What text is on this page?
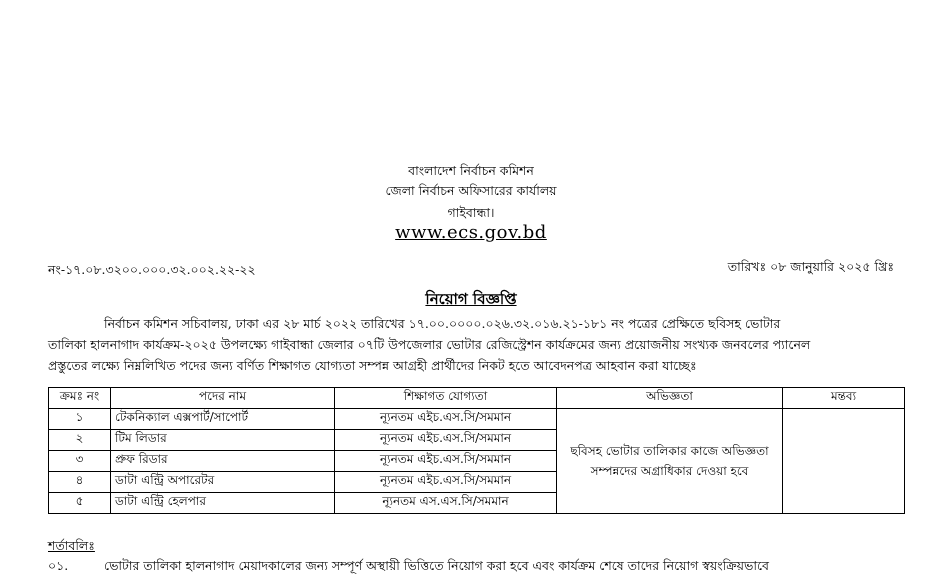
বাংলাদেশ নির্বাচন কমিশন
জেলা নির্বাচন অফিসারের কার্যালয়
গাইবান্ধা।
www.ecs.gov.bd
নং-১৭.০৮.৩২০০.০০০.৩২.০০২.২২-২২	তারিখঃ ০৮ জানুয়ারি ২০২৫ খ্রিঃ
নিয়োগ বিজ্ঞপ্তি
নির্বাচন কমিশন সচিবালয়, ঢাকা এর ২৮ মার্চ ২০২২ তারিখের ১৭.০০.০০০০.০২৬.৩২.০১৬.২১-১৮১ নং পত্রের প্রেক্ষিতে ছবিসহ ভোটার
তালিকা হালনাগাদ কার্যক্রম-২০২৫ উপলক্ষ্যে গাইবান্ধা জেলার ০৭টি উপজেলার ভোটার রেজিস্ট্রেশন কার্যক্রমের জন্য প্রয়োজনীয় সংখ্যক জনবলের প্যানেল
প্রস্তুতের লক্ষ্যে নিম্নলিখিত পদের জন্য বর্ণিত শিক্ষাগত যোগ্যতা সম্পন্ন আগ্রহী প্রার্থীদের নিকট হতে আবেদনপত্র আহবান করা যাচ্ছেঃ
ক্রমঃ নং	পদের নাম	শিক্ষাগত যোগ্যতা	অভিজ্ঞতা	মন্তব্য
১	টেকনিক্যাল এক্সপার্ট/সাপোর্ট	ন্যূনতম এইচ.এস.সি/সমমান	ছবিসহ ভোটার তালিকার কাজে অভিজ্ঞতা সম্পন্নদের অগ্রাধিকার দেওয়া হবে	
২	টিম লিডার	ন্যূনতম এইচ.এস.সি/সমমান		
৩	প্রুফ রিডার	ন্যূনতম এইচ.এস.সি/সমমান		
৪	ডাটা এন্ট্রি অপারেটর	ন্যূনতম এইচ.এস.সি/সমমান		
৫	ডাটা এন্ট্রি হেলপার	ন্যূনতম এস.এস.সি/সমমান		
শর্তাবলিঃ
০১.	ভোটার তালিকা হালনাগাদ মেয়াদকালের জন্য সম্পূর্ণ অস্থায়ী ভিত্তিতে নিয়োগ করা হবে এবং কার্যক্রম শেষে তাদের নিয়োগ স্বয়ংক্রিয়ভাবে
